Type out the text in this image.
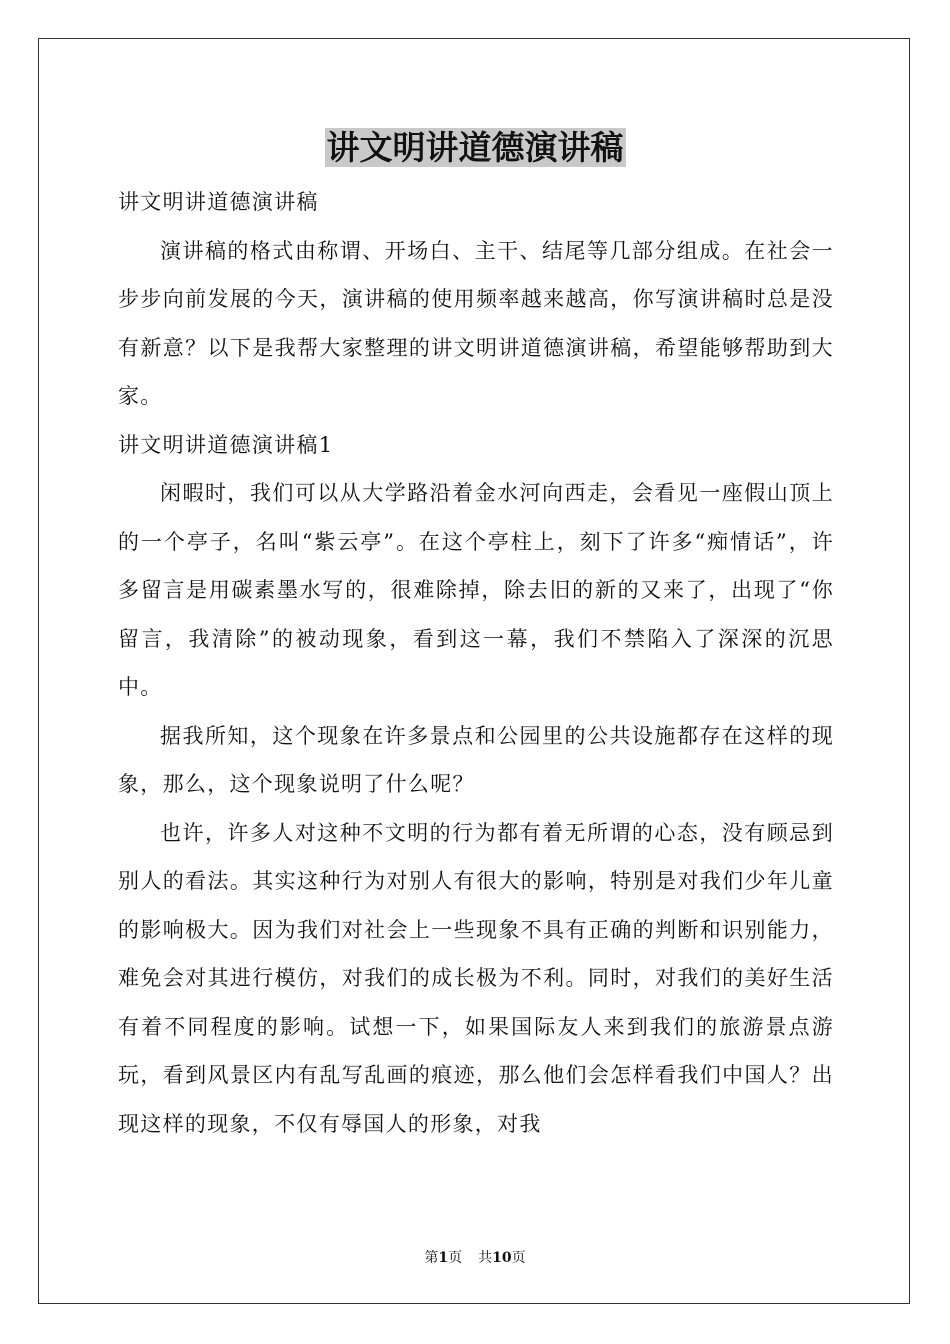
讲文明讲道德演讲稿

讲文明讲道德演讲稿

演讲稿的格式由称谓、开场白、主干、结尾等几部分组成。在社会一步步向前发展的今天，演讲稿的使用频率越来越高，你写演讲稿时总是没有新意？以下是我帮大家整理的讲文明讲道德演讲稿，希望能够帮助到大家。

讲文明讲道德演讲稿1

闲暇时，我们可以从大学路沿着金水河向西走，会看见一座假山顶上的一个亭子，名叫“紫云亭”。在这个亭柱上，刻下了许多“痴情话”，许多留言是用碳素墨水写的，很难除掉，除去旧的新的又来了，出现了“你留言，我清除”的被动现象，看到这一幕，我们不禁陷入了深深的沉思中。

据我所知，这个现象在许多景点和公园里的公共设施都存在这样的现象，那么，这个现象说明了什么呢？

也许，许多人对这种不文明的行为都有着无所谓的心态，没有顾忌到别人的看法。其实这种行为对别人有很大的影响，特别是对我们少年儿童的影响极大。因为我们对社会上一些现象不具有正确的判断和识别能力，难免会对其进行模仿，对我们的成长极为不利。同时，对我们的美好生活有着不同程度的影响。试想一下，如果国际友人来到我们的旅游景点游玩，看到风景区内有乱写乱画的痕迹，那么他们会怎样看我们中国人？出现这样的现象，不仅有辱国人的形象，对我

第1页 共10页
